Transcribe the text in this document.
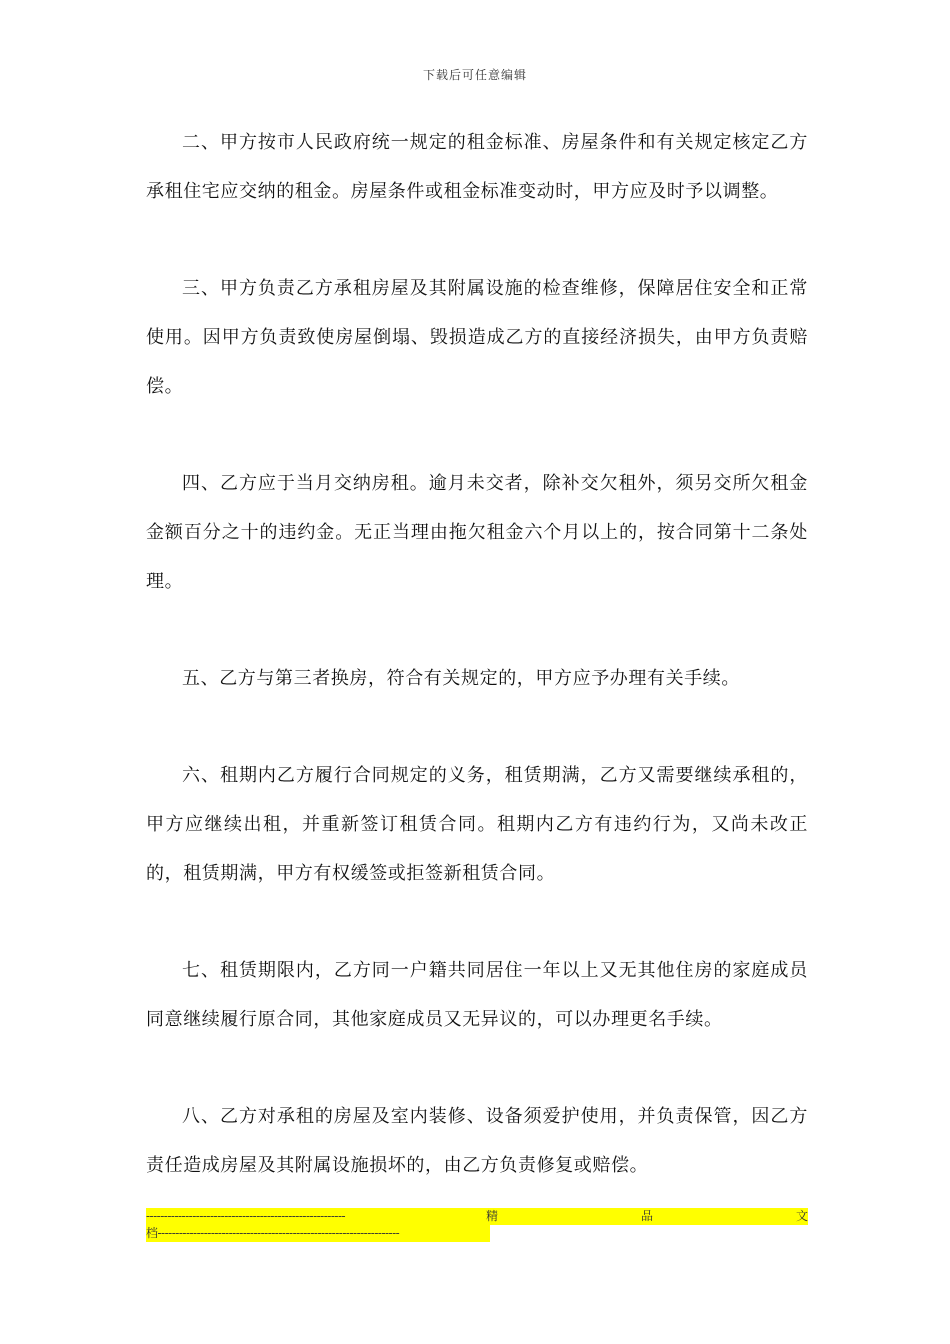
下载后可任意编辑

二、甲方按市人民政府统一规定的租金标准、房屋条件和有关规定核定乙方承租住宅应交纳的租金。房屋条件或租金标准变动时，甲方应及时予以调整。

三、甲方负责乙方承租房屋及其附属设施的检查维修，保障居住安全和正常使用。因甲方负责致使房屋倒塌、毁损造成乙方的直接经济损失，由甲方负责赔偿。

四、乙方应于当月交纳房租。逾月未交者，除补交欠租外，须另交所欠租金金额百分之十的违约金。无正当理由拖欠租金六个月以上的，按合同第十二条处理。

五、乙方与第三者换房，符合有关规定的，甲方应予办理有关手续。

六、租期内乙方履行合同规定的义务，租赁期满，乙方又需要继续承租的，甲方应继续出租，并重新签订租赁合同。租期内乙方有违约行为，又尚未改正的，租赁期满，甲方有权缓签或拒签新租赁合同。

七、租赁期限内，乙方同一户籍共同居住一年以上又无其他住房的家庭成员同意继续履行原合同，其他家庭成员又无异议的，可以办理更名手续。

八、乙方对承租的房屋及室内装修、设备须爱护使用，并负责保管，因乙方责任造成房屋及其附属设施损坏的，由乙方负责修复或赔偿。

--------------------------------------------------------	精	品	文
档--------------------------------------------------------------------
